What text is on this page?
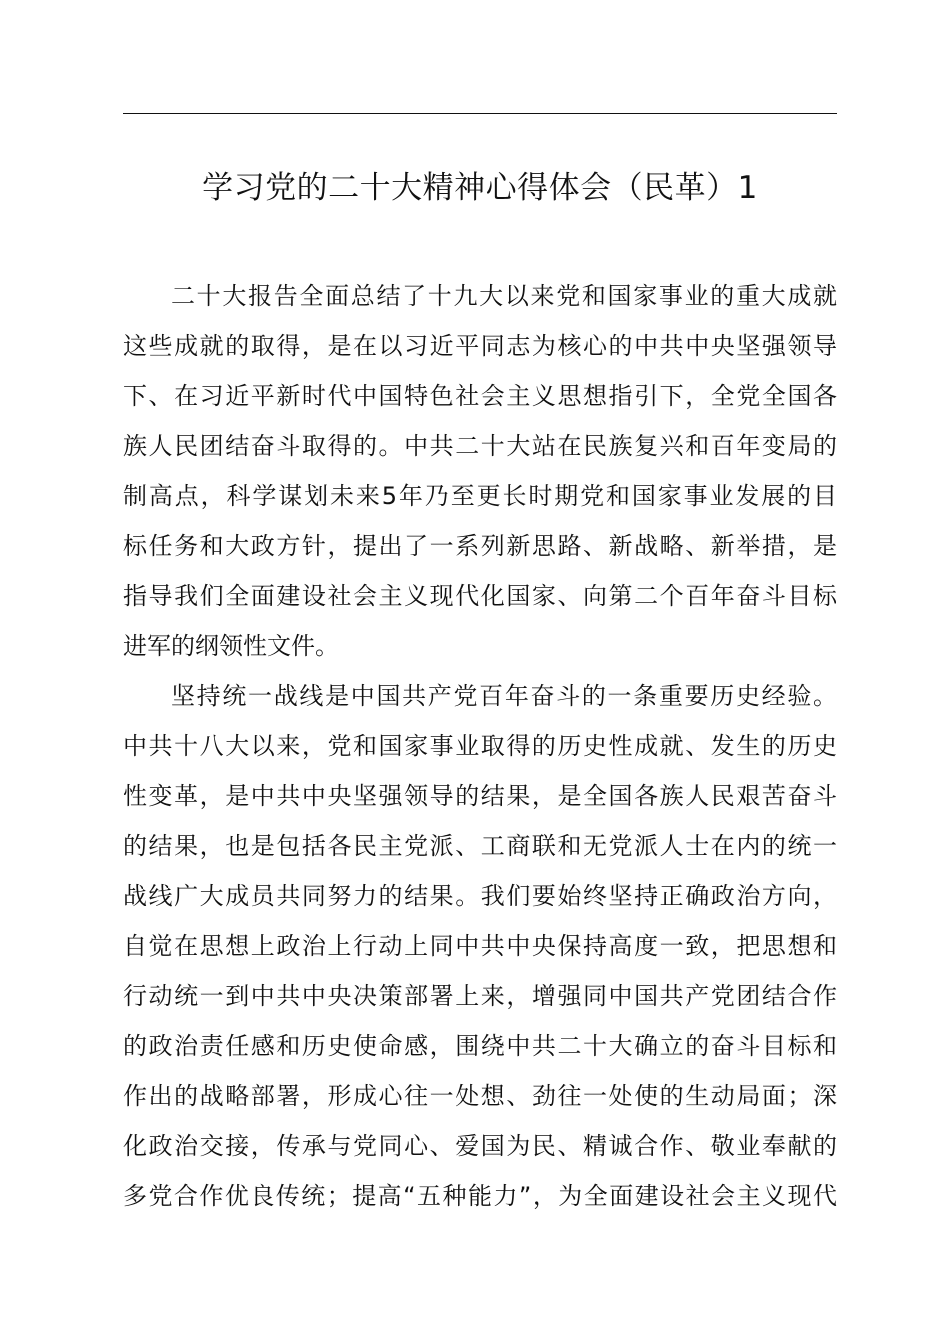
学习党的二十大精神心得体会（民革）1
二十大报告全面总结了十九大以来党和国家事业的重大成就
这些成就的取得，是在以习近平同志为核心的中共中央坚强领导
下、在习近平新时代中国特色社会主义思想指引下，全党全国各
族人民团结奋斗取得的。中共二十大站在民族复兴和百年变局的
制高点，科学谋划未来5年乃至更长时期党和国家事业发展的目
标任务和大政方针，提出了一系列新思路、新战略、新举措，是
指导我们全面建设社会主义现代化国家、向第二个百年奋斗目标
进军的纲领性文件。
坚持统一战线是中国共产党百年奋斗的一条重要历史经验。
中共十八大以来，党和国家事业取得的历史性成就、发生的历史
性变革，是中共中央坚强领导的结果，是全国各族人民艰苦奋斗
的结果，也是包括各民主党派、工商联和无党派人士在内的统一
战线广大成员共同努力的结果。我们要始终坚持正确政治方向，
自觉在思想上政治上行动上同中共中央保持高度一致，把思想和
行动统一到中共中央决策部署上来，增强同中国共产党团结合作
的政治责任感和历史使命感，围绕中共二十大确立的奋斗目标和
作出的战略部署，形成心往一处想、劲往一处使的生动局面；深
化政治交接，传承与党同心、爱国为民、精诚合作、敬业奉献的
多党合作优良传统；提高“五种能力”，为全面建设社会主义现代
